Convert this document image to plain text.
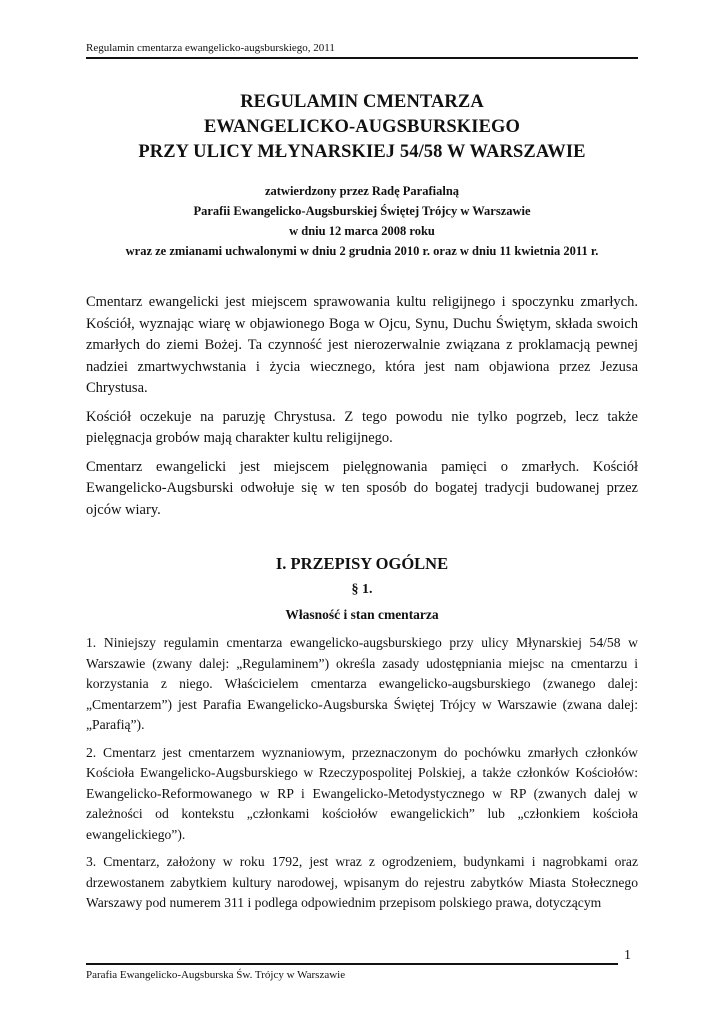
Regulamin cmentarza ewangelicko-augsburskiego, 2011
REGULAMIN CMENTARZA
EWANGELICKO-AUGSBURSKIEGO
PRZY ULICY MŁYNARSKIEJ 54/58 W WARSZAWIE
zatwierdzony przez Radę Parafialną
Parafii Ewangelicko-Augsburskiej Świętej Trójcy w Warszawie
w dniu 12 marca 2008 roku
wraz ze zmianami uchwalonymi w dniu 2 grudnia 2010 r. oraz w dniu 11 kwietnia 2011 r.

Cmentarz ewangelicki jest miejscem sprawowania kultu religijnego i spoczynku zmarłych. Kościół, wyznając wiarę w objawionego Boga w Ojcu, Synu, Duchu Świętym, składa swoich zmarłych do ziemi Bożej. Ta czynność jest nierozerwalnie związana z proklamacją pewnej nadziei zmartwychwstania i życia wiecznego, która jest nam objawiona przez Jezusa Chrystusa.

Kościół oczekuje na paruzję Chrystusa. Z tego powodu nie tylko pogrzeb, lecz także pielęgnacja grobów mają charakter kultu religijnego.

Cmentarz ewangelicki jest miejscem pielęgnowania pamięci o zmarłych. Kościół Ewangelicko-Augsburski odwołuje się w ten sposób do bogatej tradycji budowanej przez ojców wiary.

I. PRZEPISY OGÓLNE
§ 1.
Własność i stan cmentarza

1. Niniejszy regulamin cmentarza ewangelicko-augsburskiego przy ulicy Młynarskiej 54/58 w Warszawie (zwany dalej: „Regulaminem”) określa zasady udostępniania miejsc na cmentarzu i korzystania z niego. Właścicielem cmentarza ewangelicko-augsburskiego (zwanego dalej: „Cmentarzem”) jest Parafia Ewangelicko-Augsburska Świętej Trójcy w Warszawie (zwana dalej: „Parafią”).

2. Cmentarz jest cmentarzem wyznaniowym, przeznaczonym do pochówku zmarłych członków Kościoła Ewangelicko-Augsburskiego w Rzeczypospolitej Polskiej, a także członków Kościołów: Ewangelicko-Reformowanego w RP i Ewangelicko-Metodystycznego w RP (zwanych dalej w zależności od kontekstu „członkami kościołów ewangelickich” lub „członkiem kościoła ewangelickiego”).

3. Cmentarz, założony w roku 1792, jest wraz z ogrodzeniem, budynkami i nagrobkami oraz drzewostanem zabytkiem kultury narodowej, wpisanym do rejestru zabytków Miasta Stołecznego Warszawy pod numerem 311 i podlega odpowiednim przepisom polskiego prawa, dotyczącym

1
Parafia Ewangelicko-Augsburska Św. Trójcy w Warszawie
